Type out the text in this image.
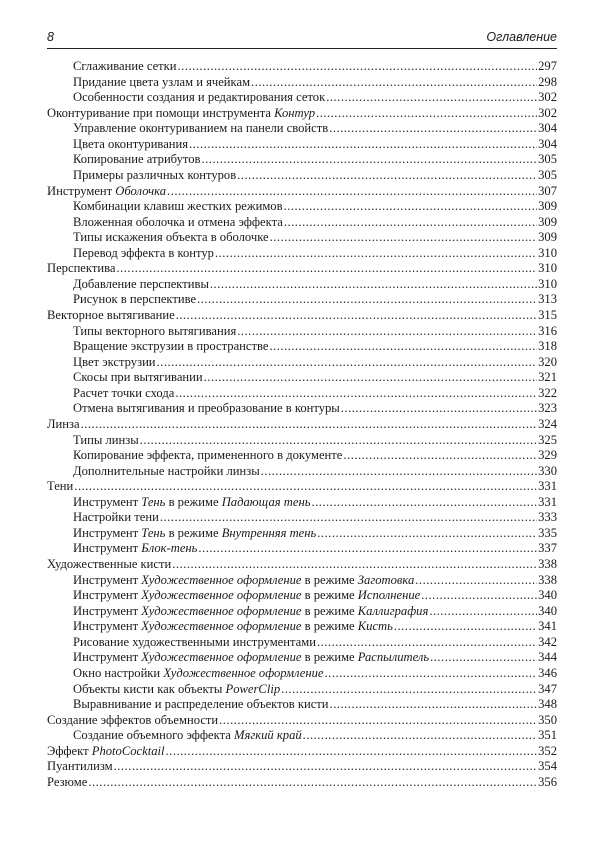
8	Оглавление
Сглаживание сетки .....	297
Придание цвета узлам и ячейкам .....	298
Особенности создания и редактирования сеток .....	302
Оконтуривание при помощи инструмента Контур .....	302
Управление оконтуриванием на панели свойств .....	304
Цвета оконтуривания .....	304
Копирование атрибутов .....	305
Примеры различных контуров .....	305
Инструмент Оболочка .....	307
Комбинации клавиш жестких режимов .....	309
Вложенная оболочка и отмена эффекта .....	309
Типы искажения объекта в оболочке .....	309
Перевод эффекта в контур .....	310
Перспектива .....	310
Добавление перспективы .....	310
Рисунок в перспективе .....	313
Векторное вытягивание .....	315
Типы векторного вытягивания .....	316
Вращение экструзии в пространстве .....	318
Цвет экструзии .....	320
Скосы при вытягивании .....	321
Расчет точки схода .....	322
Отмена вытягивания и преобразование в контуры .....	323
Линза .....	324
Типы линзы .....	325
Копирование эффекта, примененного в документе .....	329
Дополнительные настройки линзы .....	330
Тени .....	331
Инструмент Тень в режиме Падающая тень .....	331
Настройки тени .....	333
Инструмент Тень в режиме Внутренняя тень .....	335
Инструмент Блок-тень .....	337
Художественные кисти .....	338
Инструмент Художественное оформление в режиме Заготовка .....	338
Инструмент Художественное оформление в режиме Исполнение .....	340
Инструмент Художественное оформление в режиме Каллиграфия .....	340
Инструмент Художественное оформление в режиме Кисть .....	341
Рисование художественными инструментами .....	342
Инструмент Художественное оформление в режиме Распылитель .....	344
Окно настройки Художественное оформление .....	346
Объекты кисти как объекты PowerClip .....	347
Выравнивание и распределение объектов кисти .....	348
Создание эффектов объемности .....	350
Создание объемного эффекта Мягкий край .....	351
Эффект PhotoCocktail .....	352
Пуантилизм .....	354
Резюме .....	356
